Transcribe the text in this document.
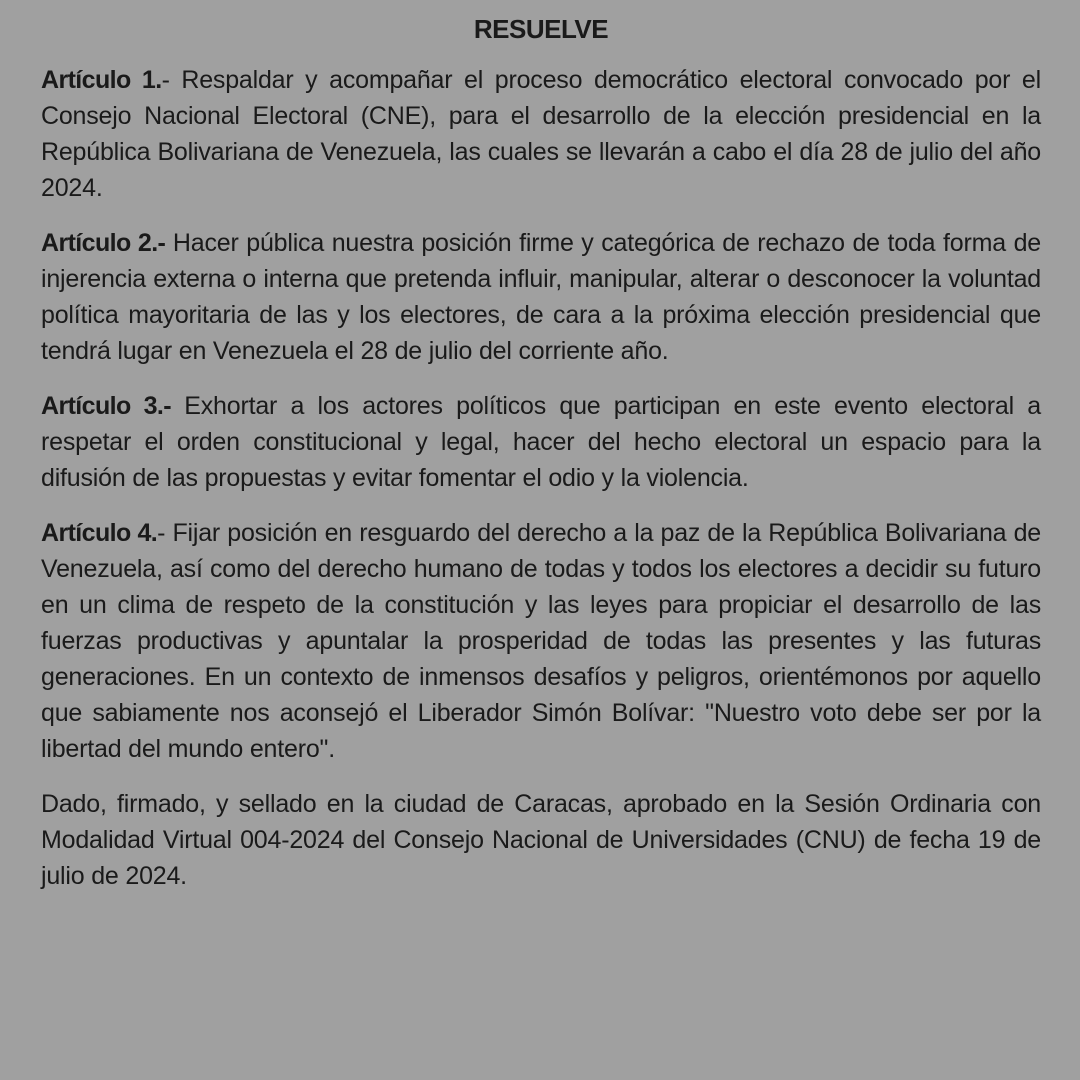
RESUELVE

Artículo 1.- Respaldar y acompañar el proceso democrático electoral convocado por el Consejo Nacional Electoral (CNE), para el desarrollo de la elección presidencial en la República Bolivariana de Venezuela, las cuales se llevarán a cabo el día 28 de julio del año 2024.

Artículo 2.- Hacer pública nuestra posición firme y categórica de rechazo de toda forma de injerencia externa o interna que pretenda influir, manipular, alterar o desconocer la voluntad política mayoritaria de las y los electores, de cara a la próxima elección presidencial que tendrá lugar en Venezuela el 28 de julio del corriente año.

Artículo 3.- Exhortar a los actores políticos que participan en este evento electoral a respetar el orden constitucional y legal, hacer del hecho electoral un espacio para la difusión de las propuestas y evitar fomentar el odio y la violencia.

Artículo 4.- Fijar posición en resguardo del derecho a la paz de la República Bolivariana de Venezuela, así como del derecho humano de todas y todos los electores a decidir su futuro en un clima de respeto de la constitución y las leyes para propiciar el desarrollo de las fuerzas productivas y apuntalar la prosperidad de todas las presentes y las futuras generaciones. En un contexto de inmensos desafíos y peligros, orientémonos por aquello que sabiamente nos aconsejó el Liberador Simón Bolívar: "Nuestro voto debe ser por la libertad del mundo entero".

Dado, firmado, y sellado en la ciudad de Caracas, aprobado en la Sesión Ordinaria con Modalidad Virtual 004-2024 del Consejo Nacional de Universidades (CNU) de fecha 19 de julio de 2024.
